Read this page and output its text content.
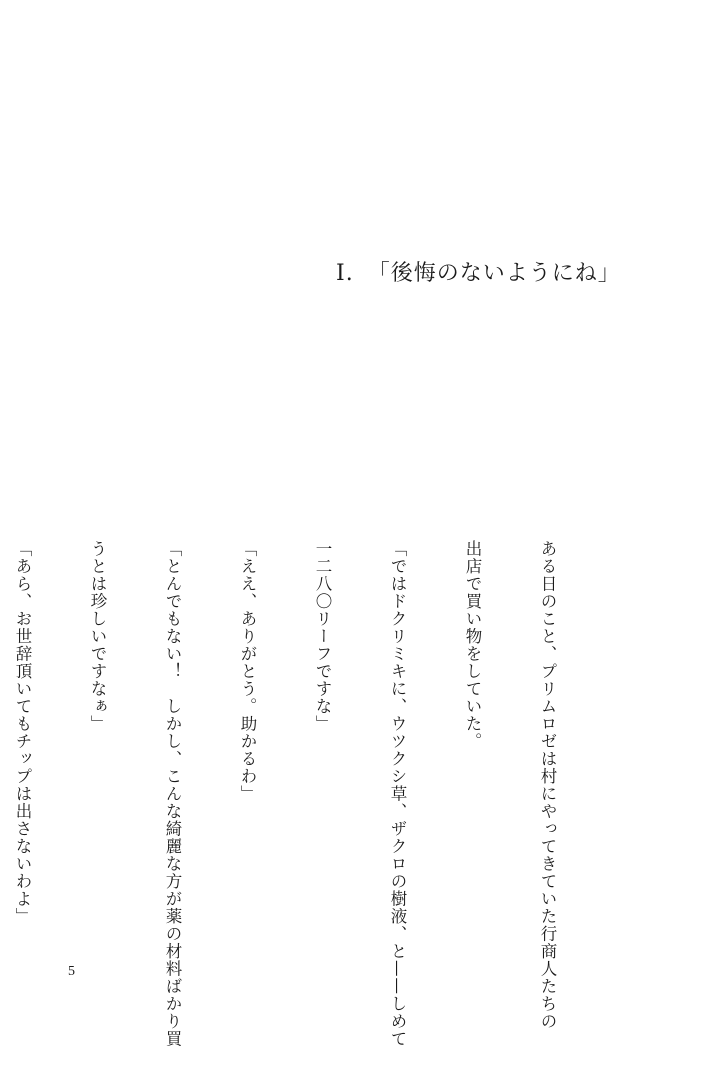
I. 「後悔のないようにね」

ある日のこと、プリムロゼは村にやってきていた行商人たちの

出店で買い物をしていた。

「ではドクリミキに、ウツクシ草、ザクロの樹液、と——しめて

一二八〇リーフですな」

「ええ、ありがとう。助かるわ」

「とんでもない！　しかし、こんな綺麗な方が薬の材料ばかり買

うとは珍しいですなぁ」

「あら、お世辞頂いてもチップは出さないわよ」

5
